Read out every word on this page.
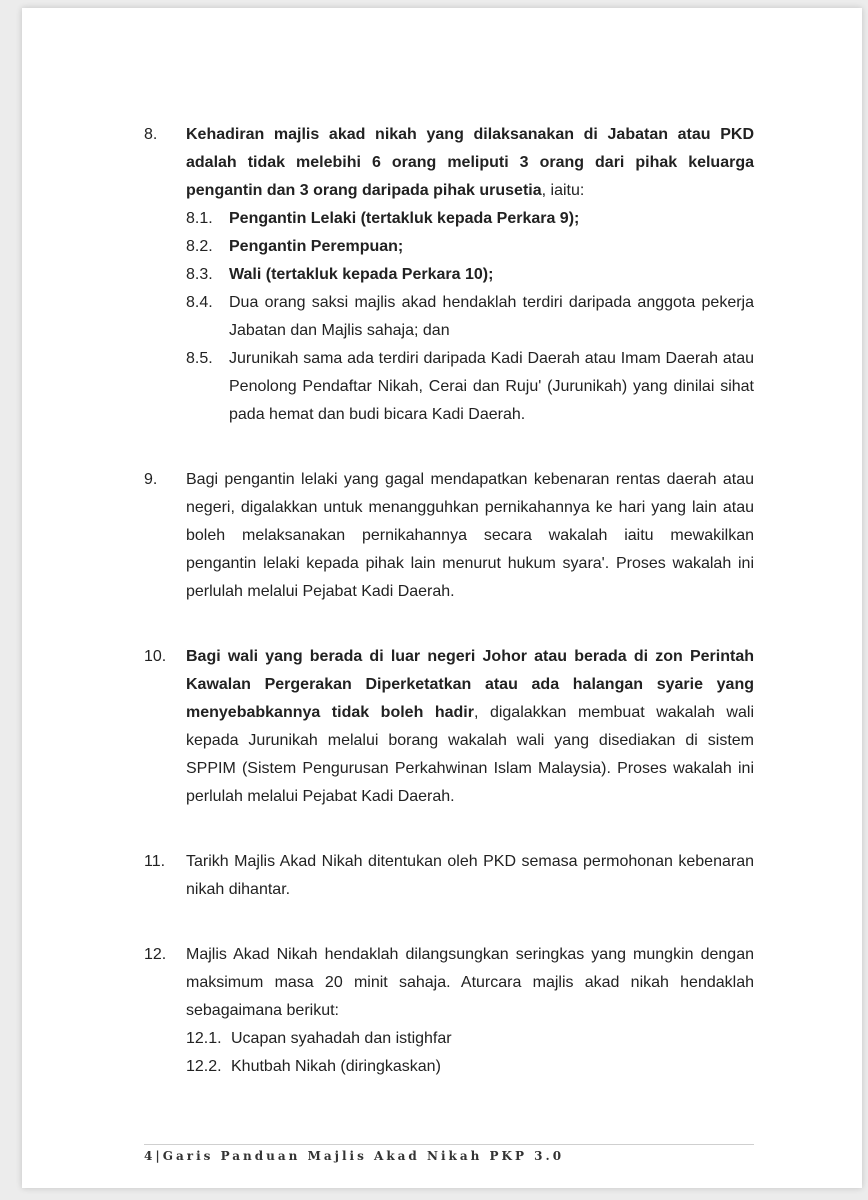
8. Kehadiran majlis akad nikah yang dilaksanakan di Jabatan atau PKD adalah tidak melebihi 6 orang meliputi 3 orang dari pihak keluarga pengantin dan 3 orang daripada pihak urusetia, iaitu:
8.1. Pengantin Lelaki (tertakluk kepada Perkara 9);
8.2. Pengantin Perempuan;
8.3. Wali (tertakluk kepada Perkara 10);
8.4. Dua orang saksi majlis akad hendaklah terdiri daripada anggota pekerja Jabatan dan Majlis sahaja; dan
8.5. Jurunikah sama ada terdiri daripada Kadi Daerah atau Imam Daerah atau Penolong Pendaftar Nikah, Cerai dan Ruju' (Jurunikah) yang dinilai sihat pada hemat dan budi bicara Kadi Daerah.
9. Bagi pengantin lelaki yang gagal mendapatkan kebenaran rentas daerah atau negeri, digalakkan untuk menangguhkan pernikahannya ke hari yang lain atau boleh melaksanakan pernikahannya secara wakalah iaitu mewakilkan pengantin lelaki kepada pihak lain menurut hukum syara'. Proses wakalah ini perlulah melalui Pejabat Kadi Daerah.
10. Bagi wali yang berada di luar negeri Johor atau berada di zon Perintah Kawalan Pergerakan Diperketatkan atau ada halangan syarie yang menyebabkannya tidak boleh hadir, digalakkan membuat wakalah wali kepada Jurunikah melalui borang wakalah wali yang disediakan di sistem SPPIM (Sistem Pengurusan Perkahwinan Islam Malaysia). Proses wakalah ini perlulah melalui Pejabat Kadi Daerah.
11. Tarikh Majlis Akad Nikah ditentukan oleh PKD semasa permohonan kebenaran nikah dihantar.
12. Majlis Akad Nikah hendaklah dilangsungkan seringkas yang mungkin dengan maksimum masa 20 minit sahaja. Aturcara majlis akad nikah hendaklah sebagaimana berikut:
12.1. Ucapan syahadah dan istighfar
12.2. Khutbah Nikah (diringkaskan)
4|Garis Panduan Majlis Akad Nikah PKP 3.0
